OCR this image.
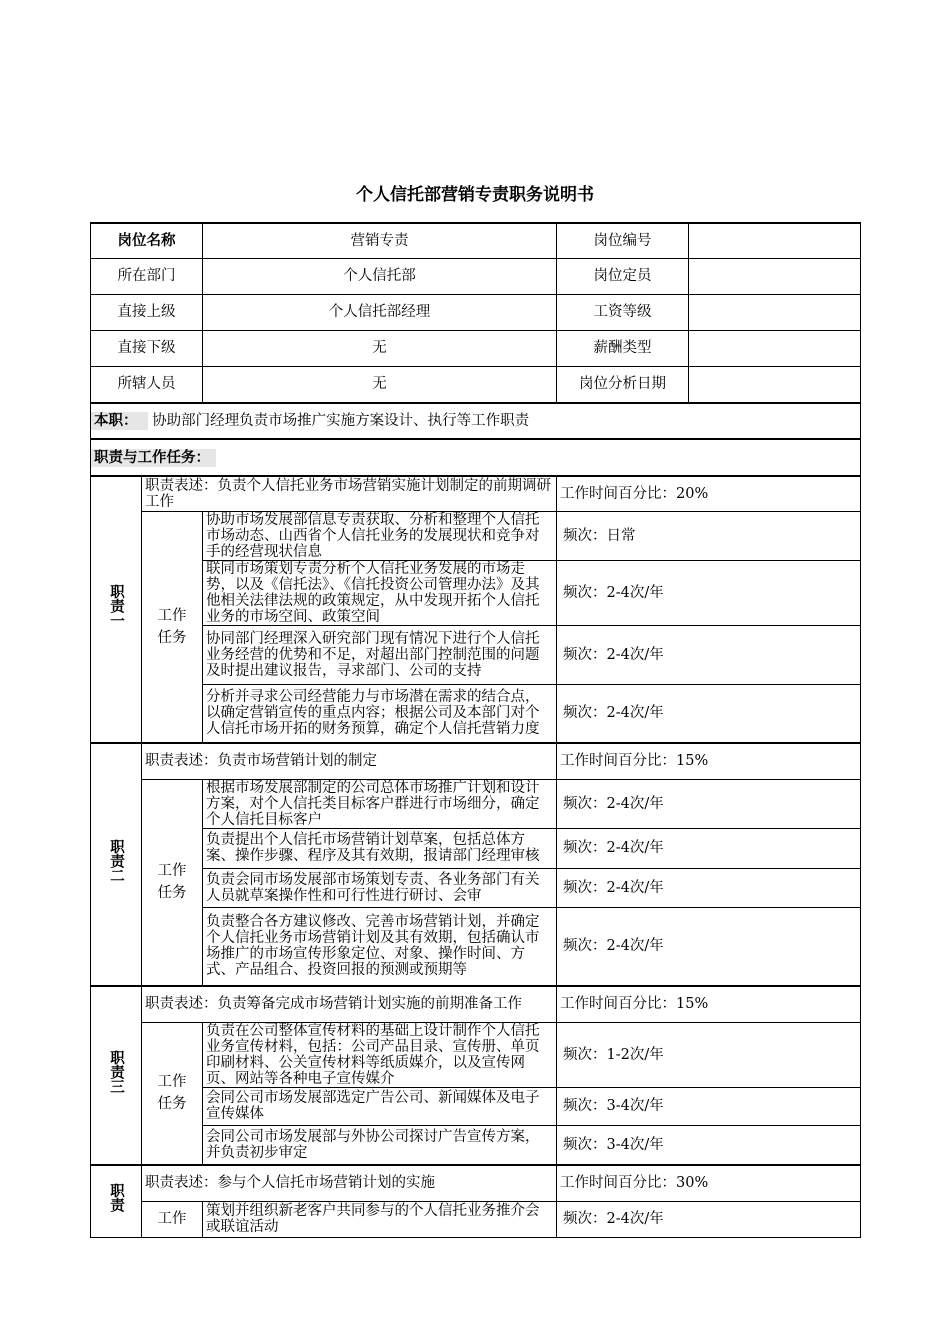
个人信托部营销专责职务说明书
岗位名称		营销专责	岗位编号	
所在部门		个人信托部	岗位定员	
直接上级		个人信托部经理	工资等级	
直接下级		无	薪酬类型	
所辖人员		无	岗位分析日期	
本职： 协助部门经理负责市场推广实施方案设计、执行等工作职责				
职责与工作任务：				
职责一	职责表述：负责个人信托业务市场营销实施计划制定的前期调研工作		工作时间百分比：20%	
	工作任务	协助市场发展部信息专责获取、分析和整理个人信托市场动态、山西省个人信托业务的发展现状和竞争对手的经营现状信息	频次：日常	
		联同市场策划专责分析个人信托业务发展的市场走势，以及《信托法》、《信托投资公司管理办法》及其他相关法律法规的政策规定，从中发现开拓个人信托业务的市场空间、政策空间	频次：2-4次/年	
		协同部门经理深入研究部门现有情况下进行个人信托业务经营的优势和不足，对超出部门控制范围的问题及时提出建议报告，寻求部门、公司的支持	频次：2-4次/年	
		分析并寻求公司经营能力与市场潜在需求的结合点，以确定营销宣传的重点内容；根据公司及本部门对个人信托市场开拓的财务预算，确定个人信托营销力度	频次：2-4次/年	
职责二	职责表述：负责市场营销计划的制定		工作时间百分比：15%	
	工作任务	根据市场发展部制定的公司总体市场推广计划和设计方案，对个人信托类目标客户群进行市场细分，确定个人信托目标客户	频次：2-4次/年	
		负责提出个人信托市场营销计划草案，包括总体方案、操作步骤、程序及其有效期，报请部门经理审核	频次：2-4次/年	
		负责会同市场发展部市场策划专责、各业务部门有关人员就草案操作性和可行性进行研讨、会审	频次：2-4次/年	
		负责整合各方建议修改、完善市场营销计划，并确定个人信托业务市场营销计划及其有效期，包括确认市场推广的市场宣传形象定位、对象、操作时间、方式、产品组合、投资回报的预测或预期等	频次：2-4次/年	
职责三	职责表述：负责筹备完成市场营销计划实施的前期准备工作		工作时间百分比：15%	
	工作任务	负责在公司整体宣传材料的基础上设计制作个人信托业务宣传材料，包括：公司产品目录、宣传册、单页印刷材料、公关宣传材料等纸质媒介，以及宣传网页、网站等各种电子宣传媒介	频次：1-2次/年	
		会同公司市场发展部选定广告公司、新闻媒体及电子宣传媒体	频次：3-4次/年	
		会同公司市场发展部与外协公司探讨广告宣传方案，并负责初步审定	频次：3-4次/年	
职责	职责表述：参与个人信托市场营销计划的实施		工作时间百分比：30%	
	工作	策划并组织新老客户共同参与的个人信托业务推介会或联谊活动	频次：2-4次/年	
